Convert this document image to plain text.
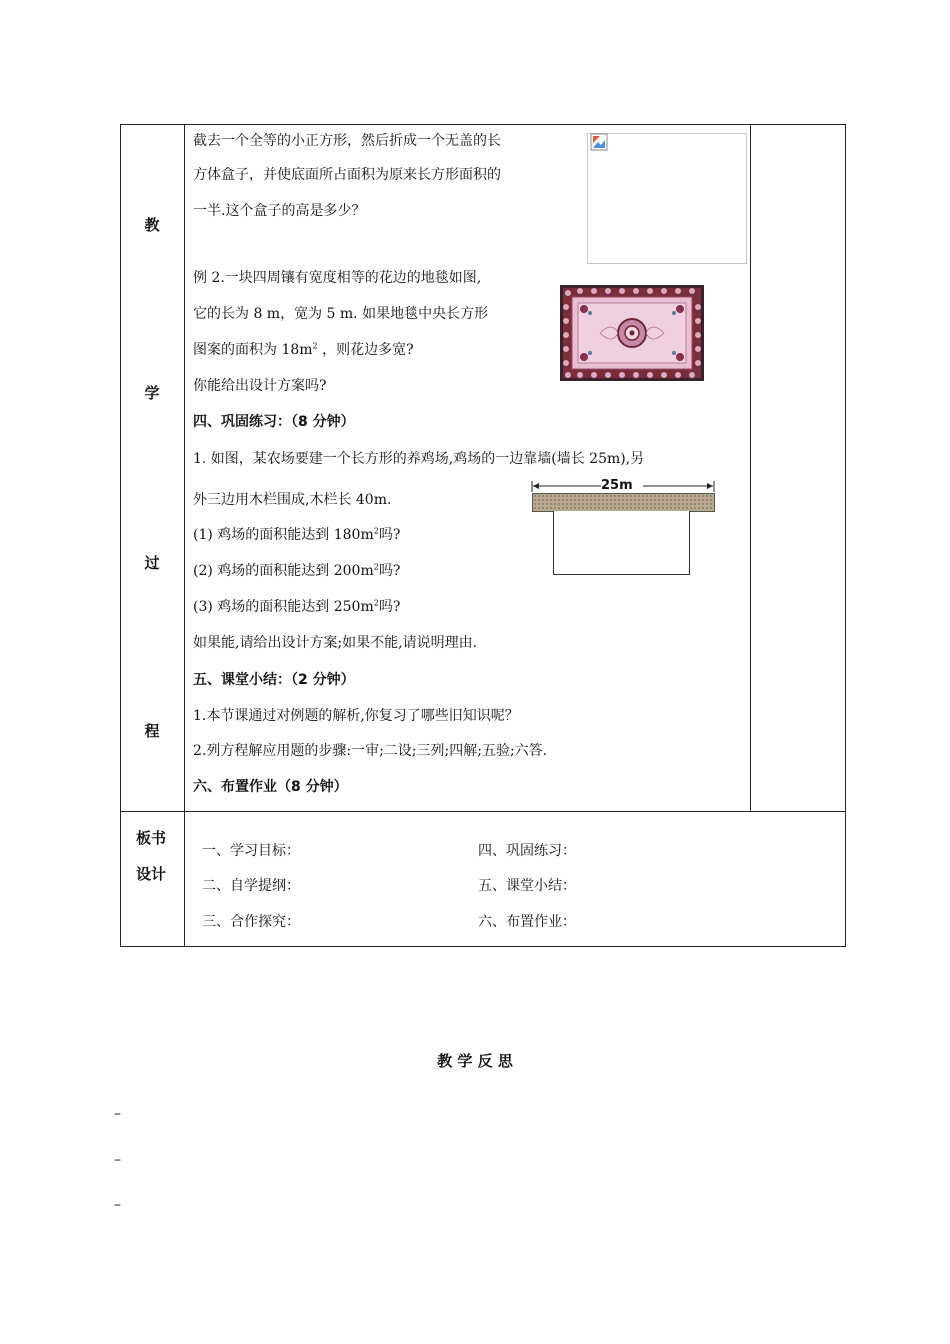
教
学
过
程
截去一个全等的小正方形，然后折成一个无盖的长
方体盒子，并使底面所占面积为原来长方形面积的
一半.这个盒子的高是多少？
例 2.一块四周镶有宽度相等的花边的地毯如图,
它的长为 8 m，宽为 5 m. 如果地毯中央长方形
图案的面积为 $18m^2$ ，则花边多宽?
你能给出设计方案吗?
四、巩固练习：（8 分钟）
1. 如图，某农场要建一个长方形的养鸡场,鸡场的一边靠墙(墙长 25m),另
外三边用木栏围成,木栏长 40m.
(1) 鸡场的面积能达到 $180m^2$吗?
(2) 鸡场的面积能达到 $200m^2$吗?
(3) 鸡场的面积能达到 $250m^2$吗?
如果能,请给出设计方案;如果不能,请说明理由.
25m
五、课堂小结：（2 分钟）
1.本节课通过对例题的解析,你复习了哪些旧知识呢？
2.列方程解应用题的步骤:一审;二设;三列;四解;五验;六答.
六、布置作业（8 分钟）
板书
设计
一、学习目标：
二、自学提纲：
三、合作探究：
四、巩固练习：
五、课堂小结：
六、布置作业：
教 学 反 思
–
–
–
